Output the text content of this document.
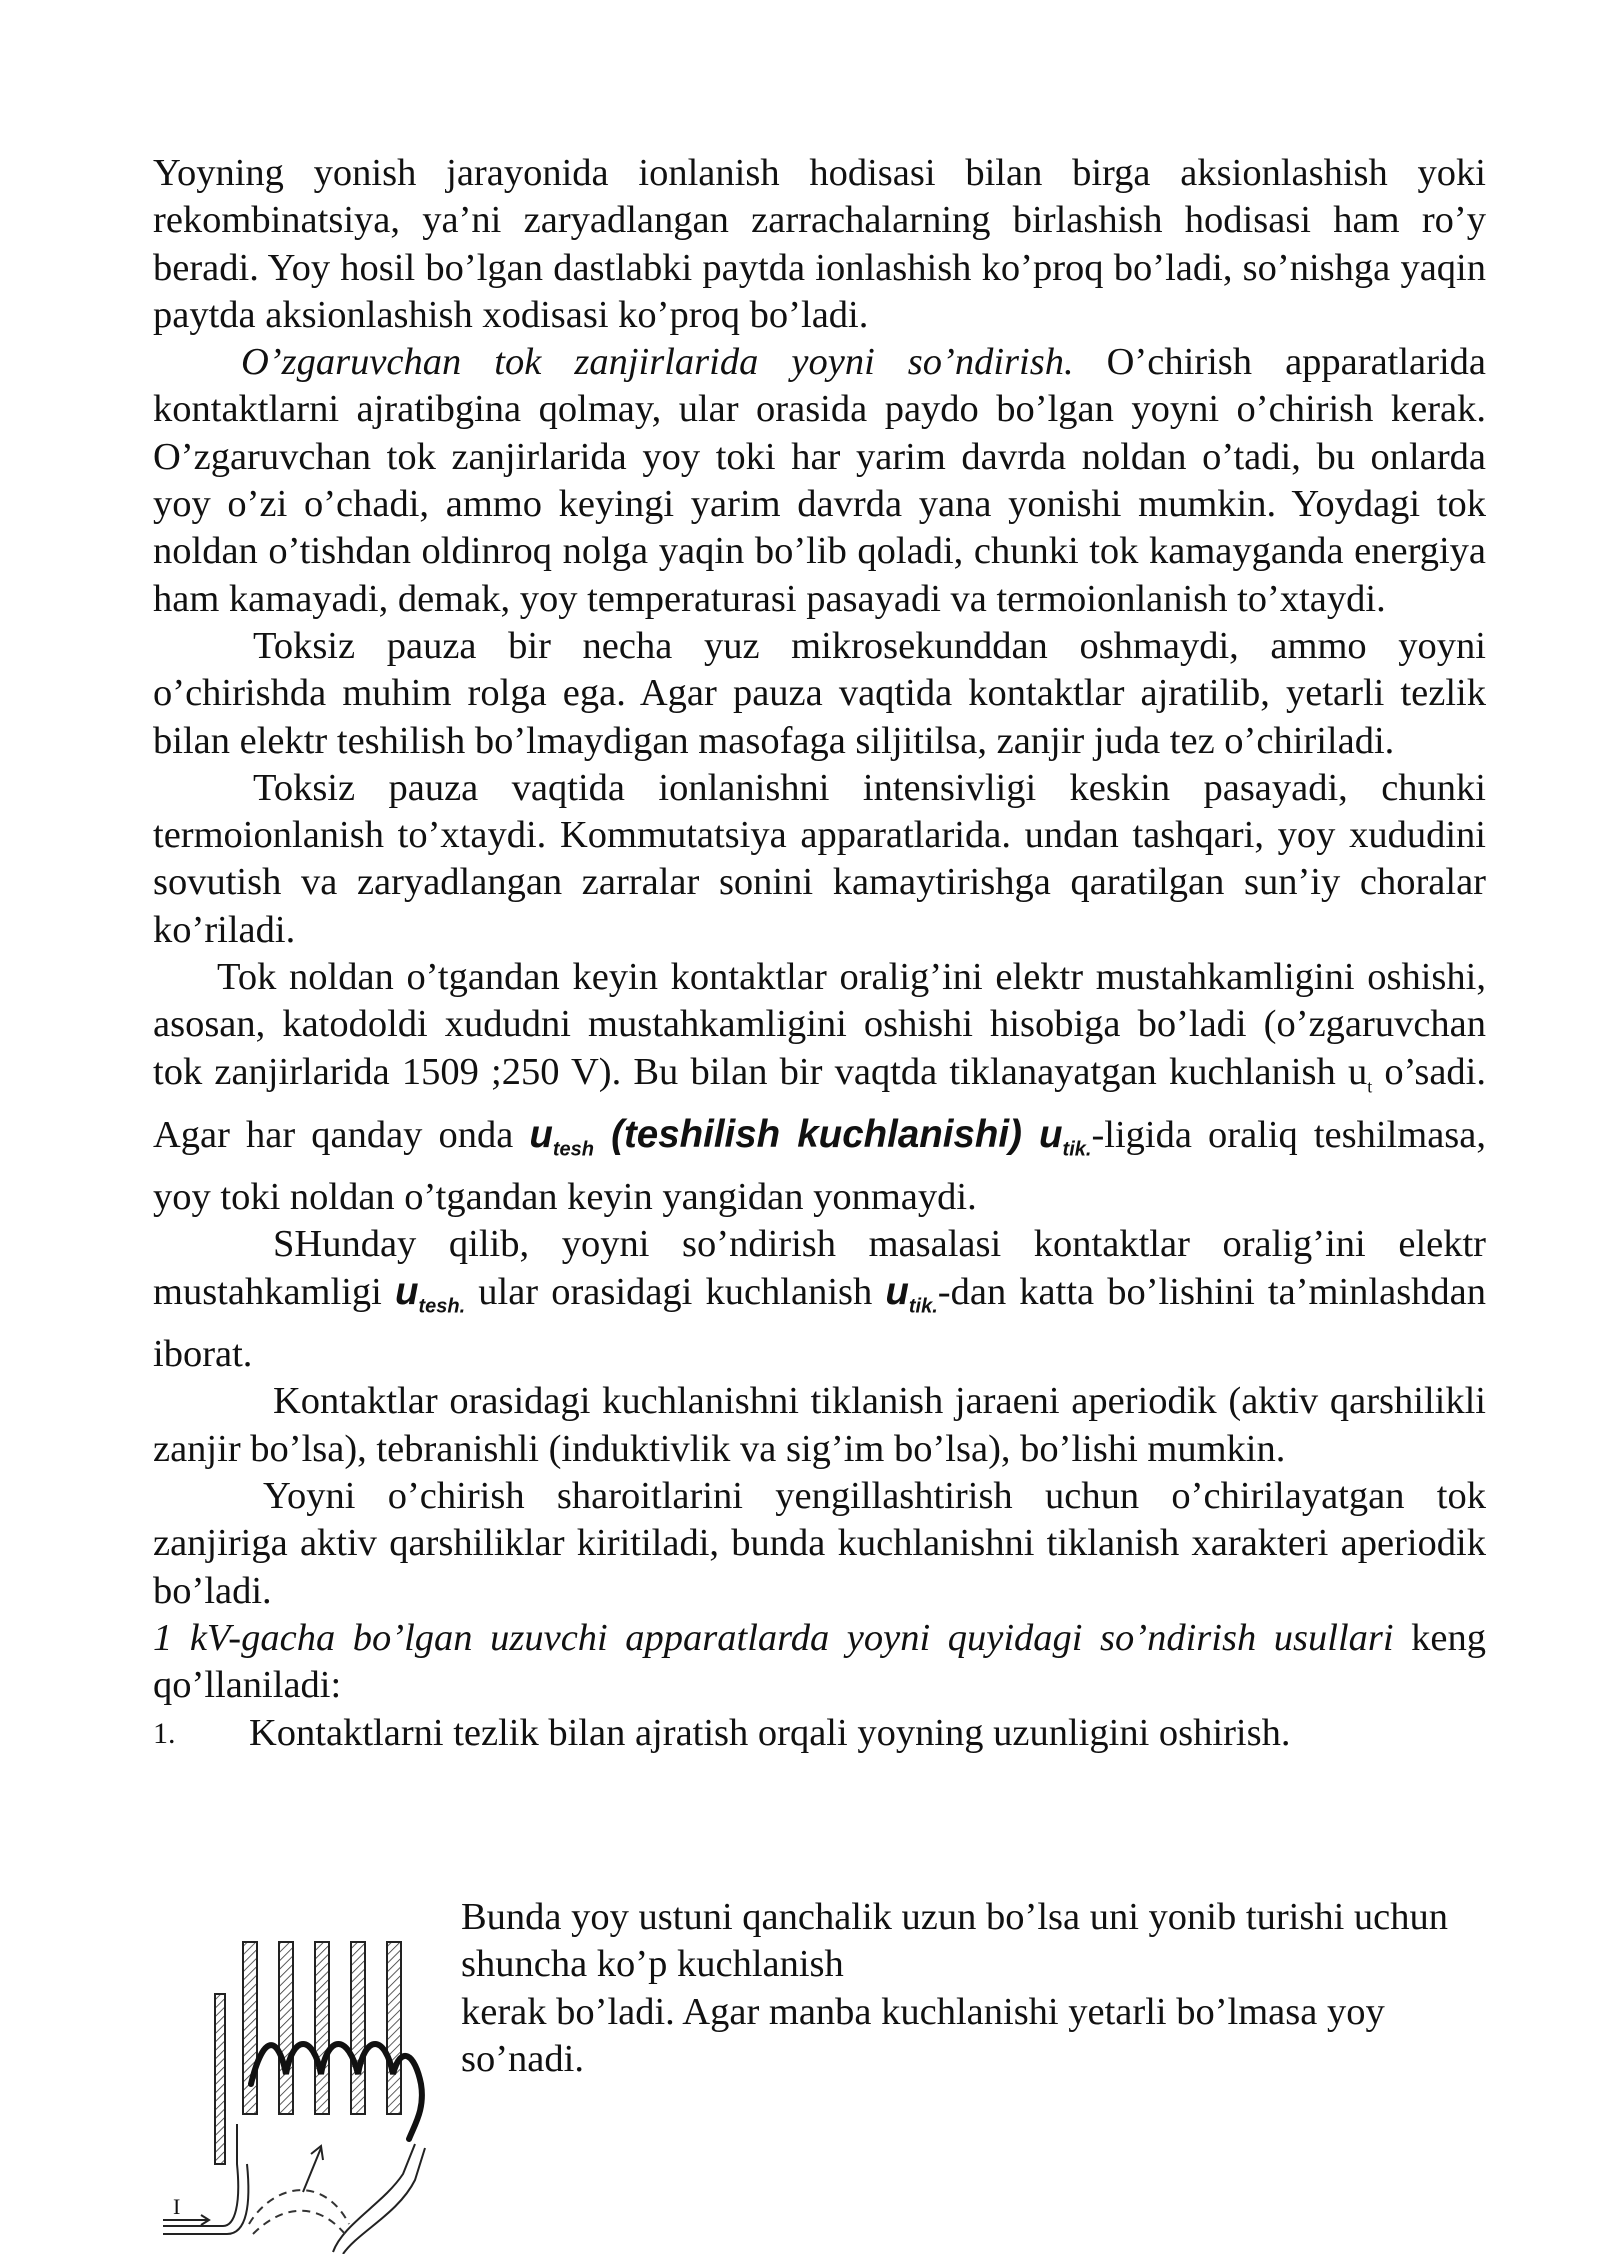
Yoyning yonish jarayonida ionlanish hodisasi bilan birga aksionlashish yoki rekombinatsiya, ya’ni zaryadlangan zarrachalarning birlashish hodisasi ham ro’y beradi. Yoy hosil bo’lgan dastlabki paytda ionlashish ko’proq bo’ladi, so’nishga yaqin paytda aksionlashish xodisasi ko’proq bo’ladi.

O’zgaruvchan tok zanjirlarida yoyni so’ndirish. O’chirish apparatlarida kontaktlarni ajratibgina qolmay, ular orasida paydo bo’lgan yoyni o’chirish kerak. O’zgaruvchan tok zanjirlarida yoy toki har yarim davrda noldan o’tadi, bu onlarda yoy o’zi o’chadi, ammo keyingi yarim davrda yana yonishi mumkin. Yoydagi tok noldan o’tishdan oldinroq nolga yaqin bo’lib qoladi, chunki tok kamayganda energiya ham kamayadi, demak, yoy temperaturasi pasayadi va termoionlanish to’xtaydi.

Toksiz pauza bir necha yuz mikrosekunddan oshmaydi, ammo yoyni o’chirishda muhim rolga ega. Agar pauza vaqtida kontaktlar ajratilib, yetarli tezlik bilan elektr teshilish bo’lmaydigan masofaga siljitilsa, zanjir juda tez o’chiriladi.

Toksiz pauza vaqtida ionlanishni intensivligi keskin pasayadi, chunki termoionlanish to’xtaydi. Kommutatsiya apparatlarida. undan tashqari, yoy xududini sovutish va zaryadlangan zarralar sonini kamaytirishga qaratilgan sun’iy choralar ko’riladi.

Tok noldan o’tgandan keyin kontaktlar oralig’ini elektr mustahkamligini oshishi, asosan, katodoldi xududni mustahkamligini oshishi hisobiga bo’ladi (o’zgaruvchan tok zanjirlarida 1509 ;250 V). Bu bilan bir vaqtda tiklanayatgan kuchlanish $u_t$ o’sadi. Agar har qanday onda $u_{tesh}$ (teshilish kuchlanishi) $u_{tik.}$-ligida oraliq teshilmasa, yoy toki noldan o’tgandan keyin yangidan yonmaydi.

SHunday qilib, yoyni so’ndirish masalasi kontaktlar oralig’ini elektr mustahkamligi $u_{tesh.}$ ular orasidagi kuchlanish $u_{tik.}$-dan katta bo’lishini ta’minlashdan iborat.

Kontaktlar orasidagi kuchlanishni tiklanish jaraeni aperiodik (aktiv qarshilikli zanjir bo’lsa), tebranishli (induktivlik va sig’im bo’lsa), bo’lishi mumkin.

Yoyni o’chirish sharoitlarini yengillashtirish uchun o’chirilayatgan tok zanjiriga aktiv qarshiliklar kiritiladi, bunda kuchlanishni tiklanish xarakteri aperiodik bo’ladi.

1 kV-gacha bo’lgan uzuvchi apparatlarda yoyni quyidagi so’ndirish usullari keng qo’llaniladi:

1. Kontaktlarni tezlik bilan ajratish orqali yoyning uzunligini oshirish.

Bunda yoy ustuni qanchalik uzun bo’lsa uni yonib turishi uchun shuncha ko’p kuchlanish

kerak bo’ladi. Agar manba kuchlanishi yetarli bo’lmasa yoy so’nadi.

I
